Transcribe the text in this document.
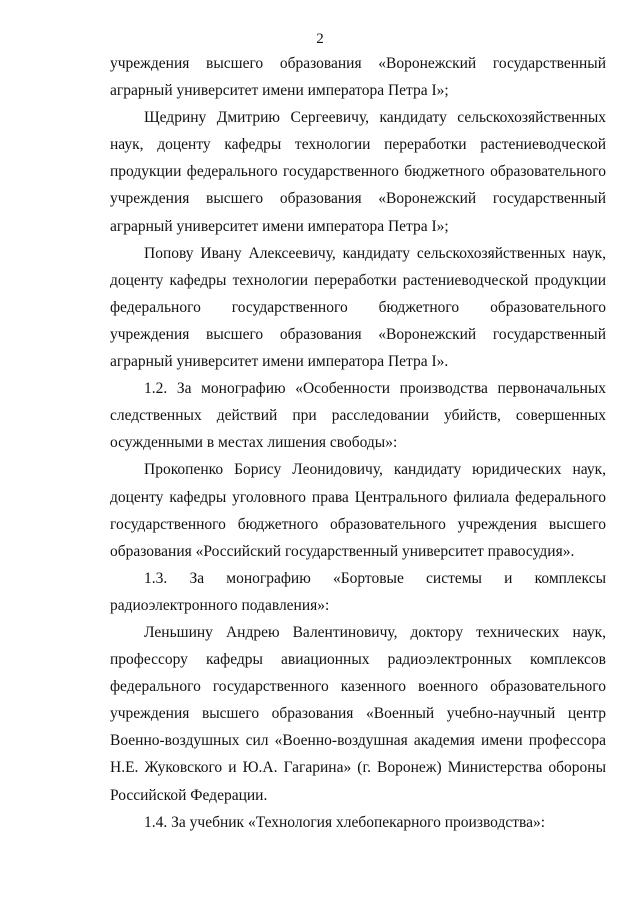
2

учреждения высшего образования «Воронежский государственный аграрный университет имени императора Петра I»;

Щедрину Дмитрию Сергеевичу, кандидату сельскохозяйственных наук, доценту кафедры технологии переработки растениеводческой продукции федерального государственного бюджетного образовательного учреждения высшего образования «Воронежский государственный аграрный университет имени императора Петра I»;

Попову Ивану Алексеевичу, кандидату сельскохозяйственных наук, доценту кафедры технологии переработки растениеводческой продукции федерального государственного бюджетного образовательного учреждения высшего образования «Воронежский государственный аграрный университет имени императора Петра I».

1.2. За монографию «Особенности производства первоначальных следственных действий при расследовании убийств, совершенных осужденными в местах лишения свободы»:

Прокопенко Борису Леонидовичу, кандидату юридических наук, доценту кафедры уголовного права Центрального филиала федерального государственного бюджетного образовательного учреждения высшего образования «Российский государственный университет правосудия».

1.3. За монографию «Бортовые системы и комплексы радиоэлектронного подавления»:

Леньшину Андрею Валентиновичу, доктору технических наук, профессору кафедры авиационных радиоэлектронных комплексов федерального государственного казенного военного образовательного учреждения высшего образования «Военный учебно-научный центр Военно-воздушных сил «Военно-воздушная академия имени профессора Н.Е. Жуковского и Ю.А. Гагарина» (г. Воронеж) Министерства обороны Российской Федерации.

1.4. За учебник «Технология хлебопекарного производства»:
